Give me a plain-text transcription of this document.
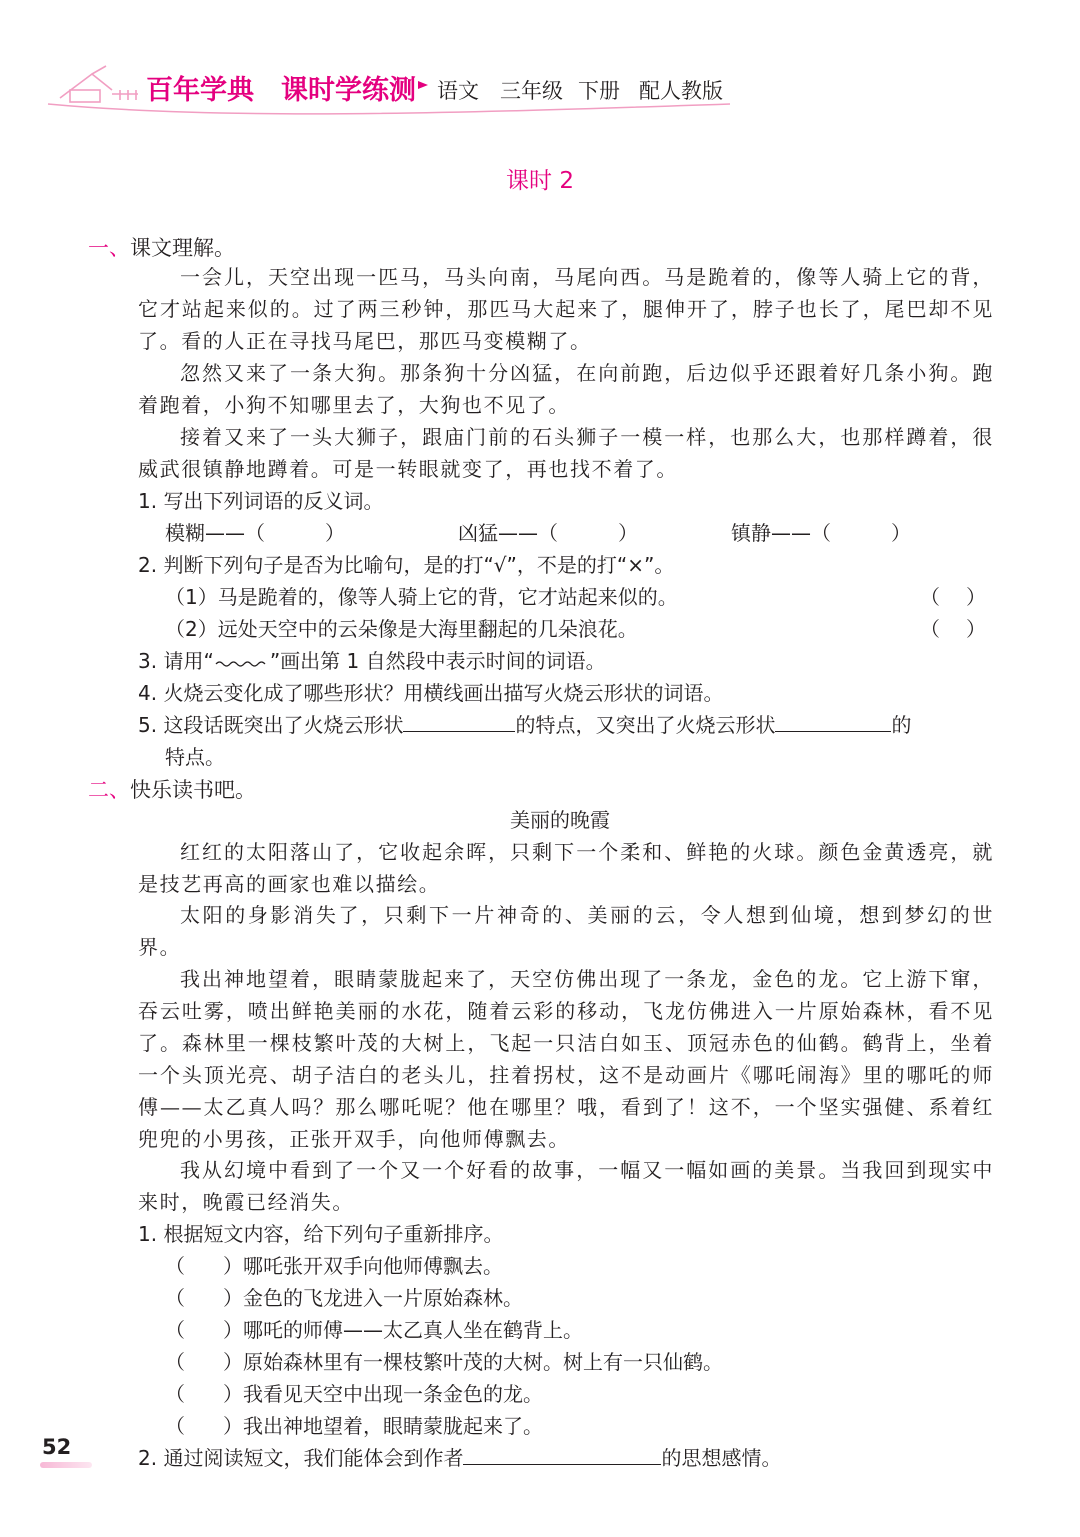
百年学典 课时学练测 语文 三年级 下册 配人教版
课时 2
一、课文理解。

一会儿，天空出现一匹马，马头向南，马尾向西。马是跪着的，像等人骑上它的背，它才站起来似的。过了两三秒钟，那匹马大起来了，腿伸开了，脖子也长了，尾巴却不见了。看的人正在寻找马尾巴，那匹马变模糊了。

忽然又来了一条大狗。那条狗十分凶猛，在向前跑，后边似乎还跟着好几条小狗。跑着跑着，小狗不知哪里去了，大狗也不见了。

接着又来了一头大狮子，跟庙门前的石头狮子一模一样，也那么大，也那样蹲着，很威武很镇静地蹲着。可是一转眼就变了，再也找不着了。

1. 写出下列词语的反义词。
模糊——（	）	凶猛——（	）	镇静——（	）
2. 判断下列句子是否为比喻句，是的打“√”，不是的打“×”。
（1）马是跪着的，像等人骑上它的背，它才站起来似的。	（ ）
（2）远处天空中的云朵像是大海里翻起的几朵浪花。	（ ）
3. 请用“	”画出第 1 自然段中表示时间的词语。
4. 火烧云变化成了哪些形状？用横线画出描写火烧云形状的词语。
5. 这段话既突出了火烧云形状	的特点，又突出了火烧云形状	的
特点。
二、快乐读书吧。
美丽的晚霞

红红的太阳落山了，它收起余晖，只剩下一个柔和、鲜艳的火球。颜色金黄透亮，就是技艺再高的画家也难以描绘。

太阳的身影消失了，只剩下一片神奇的、美丽的云，令人想到仙境，想到梦幻的世界。

我出神地望着，眼睛蒙胧起来了，天空仿佛出现了一条龙，金色的龙。它上游下窜，吞云吐雾，喷出鲜艳美丽的水花，随着云彩的移动，飞龙仿佛进入一片原始森林，看不见了。森林里一棵枝繁叶茂的大树上，飞起一只洁白如玉、顶冠赤色的仙鹤。鹤背上，坐着一个头顶光亮、胡子洁白的老头儿，拄着拐杖，这不是动画片《哪吒闹海》里的哪吒的师傅——太乙真人吗？那么哪吒呢？他在哪里？哦，看到了！这不，一个坚实强健、系着红兜兜的小男孩，正张开双手，向他师傅飘去。

我从幻境中看到了一个又一个好看的故事，一幅又一幅如画的美景。当我回到现实中来时，晚霞已经消失。

1. 根据短文内容，给下列句子重新排序。
（ ）哪吒张开双手向他师傅飘去。
（ ）金色的飞龙进入一片原始森林。
（ ）哪吒的师傅——太乙真人坐在鹤背上。
（ ）原始森林里有一棵枝繁叶茂的大树。树上有一只仙鹤。
（ ）我看见天空中出现一条金色的龙。
（ ）我出神地望着，眼睛蒙胧起来了。
2. 通过阅读短文，我们能体会到作者	的思想感情。
52
